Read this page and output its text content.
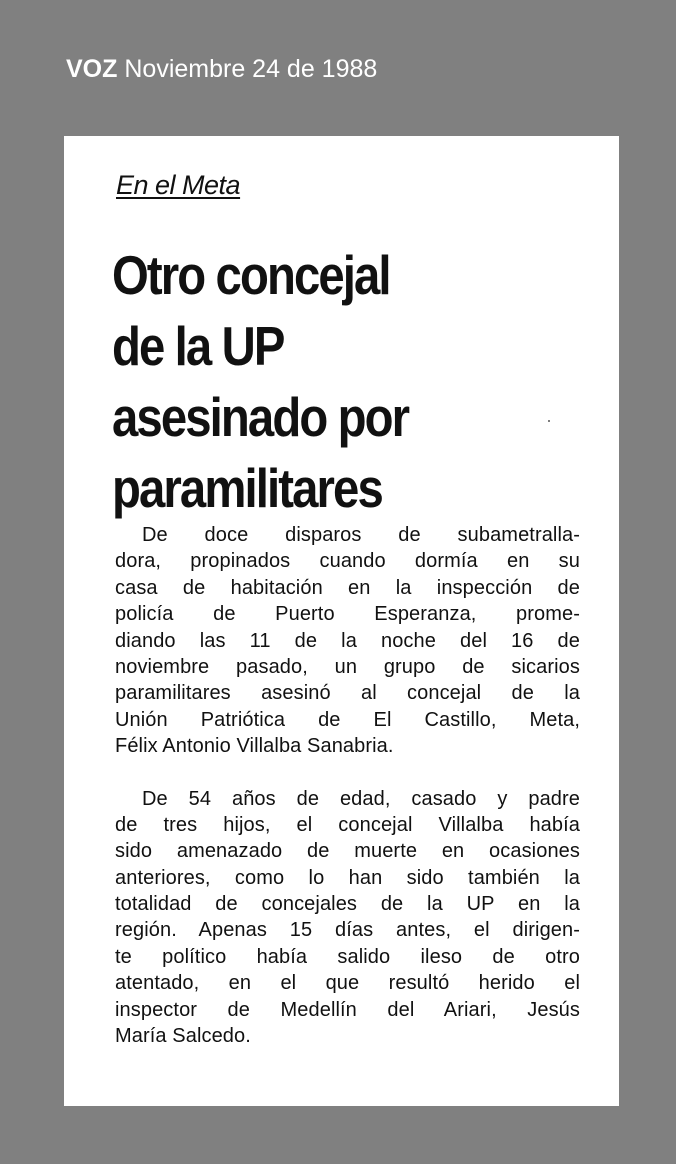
VOZ Noviembre 24 de 1988
En el Meta
Otro concejal
de la UP
asesinado por
paramilitares
De doce disparos de subametralla-
dora, propinados cuando dormía en su
casa de habitación en la inspección de
policía de Puerto Esperanza, prome-
diando las 11 de la noche del 16 de
noviembre pasado, un grupo de sicarios
paramilitares asesinó al concejal de la
Unión Patriótica de El Castillo, Meta,
Félix Antonio Villalba Sanabria.
De 54 años de edad, casado y padre
de tres hijos, el concejal Villalba había
sido amenazado de muerte en ocasiones
anteriores, como lo han sido también la
totalidad de concejales de la UP en la
región. Apenas 15 días antes, el dirigen-
te político había salido ileso de otro
atentado, en el que resultó herido el
inspector de Medellín del Ariari, Jesús
María Salcedo.
